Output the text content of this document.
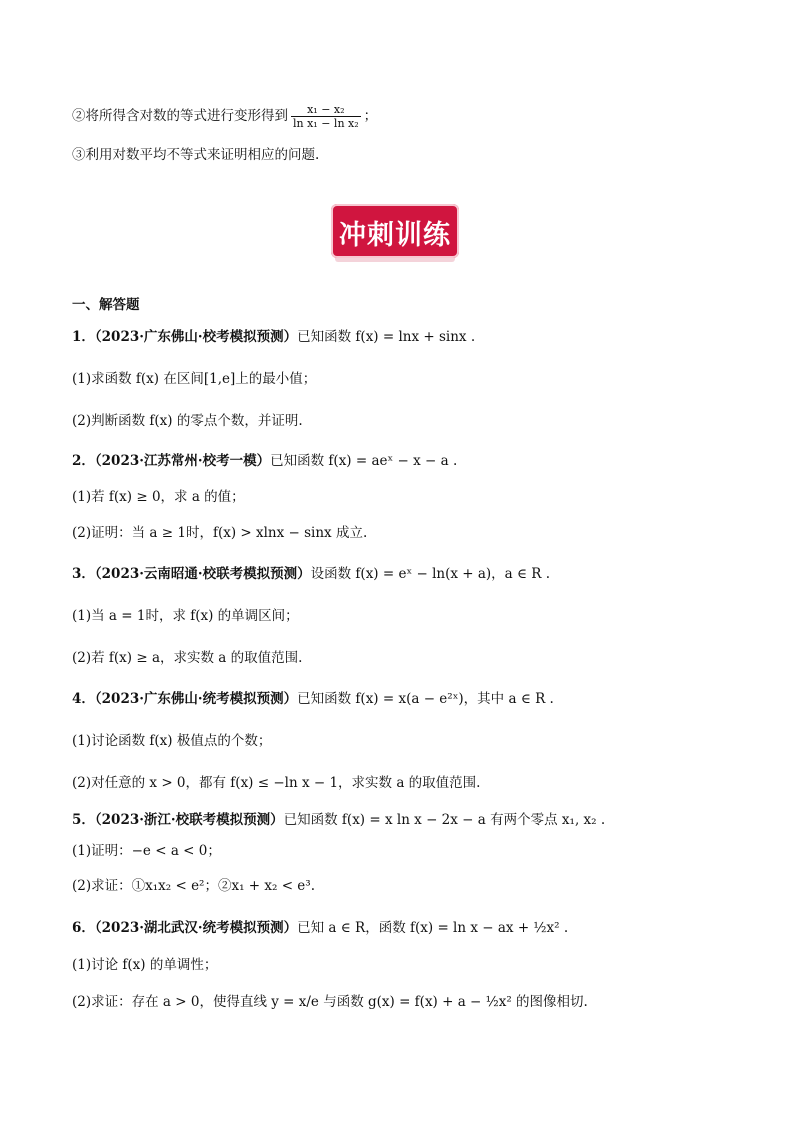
②将所得含对数的等式进行变形得到 $\frac{\text{x₁ − x₂}}{\text{ln x₁ − ln x₂}}$ ；
③利用对数平均不等式来证明相应的问题.
冲刺训练
一、解答题
1．（2023·广东佛山·校考模拟预测）已知函数 f(x) = lnx + sinx .
(1)求函数 f(x) 在区间[1,e]上的最小值；
(2)判断函数 f(x) 的零点个数，并证明.
2．（2023·江苏常州·校考一模）已知函数 f(x) = aeˣ − x − a .
(1)若 f(x) ≥ 0，求 a 的值；
(2)证明：当 a ≥ 1时，f(x) > xlnx − sinx 成立.
3．（2023·云南昭通·校联考模拟预测）设函数 f(x) = eˣ − ln(x + a)，a ∈ R .
(1)当 a = 1时，求 f(x) 的单调区间；
(2)若 f(x) ≥ a，求实数 a 的取值范围.
4．（2023·广东佛山·统考模拟预测）已知函数 f(x) = x(a − e²ˣ)，其中 a ∈ R .
(1)讨论函数 f(x) 极值点的个数；
(2)对任意的 x > 0，都有 f(x) ≤ −ln x − 1，求实数 a 的取值范围.
5．（2023·浙江·校联考模拟预测）已知函数 f(x) = x ln x − 2x − a 有两个零点 x₁, x₂ .
(1)证明：−e < a < 0；
(2)求证：①x₁x₂ < e²；②x₁ + x₂ < e³.
6．（2023·湖北武汉·统考模拟预测）已知 a ∈ R，函数 f(x) = ln x − ax + ½x² .
(1)讨论 f(x) 的单调性；
(2)求证：存在 a > 0，使得直线 y = x/e 与函数 g(x) = f(x) + a − ½x² 的图像相切.
